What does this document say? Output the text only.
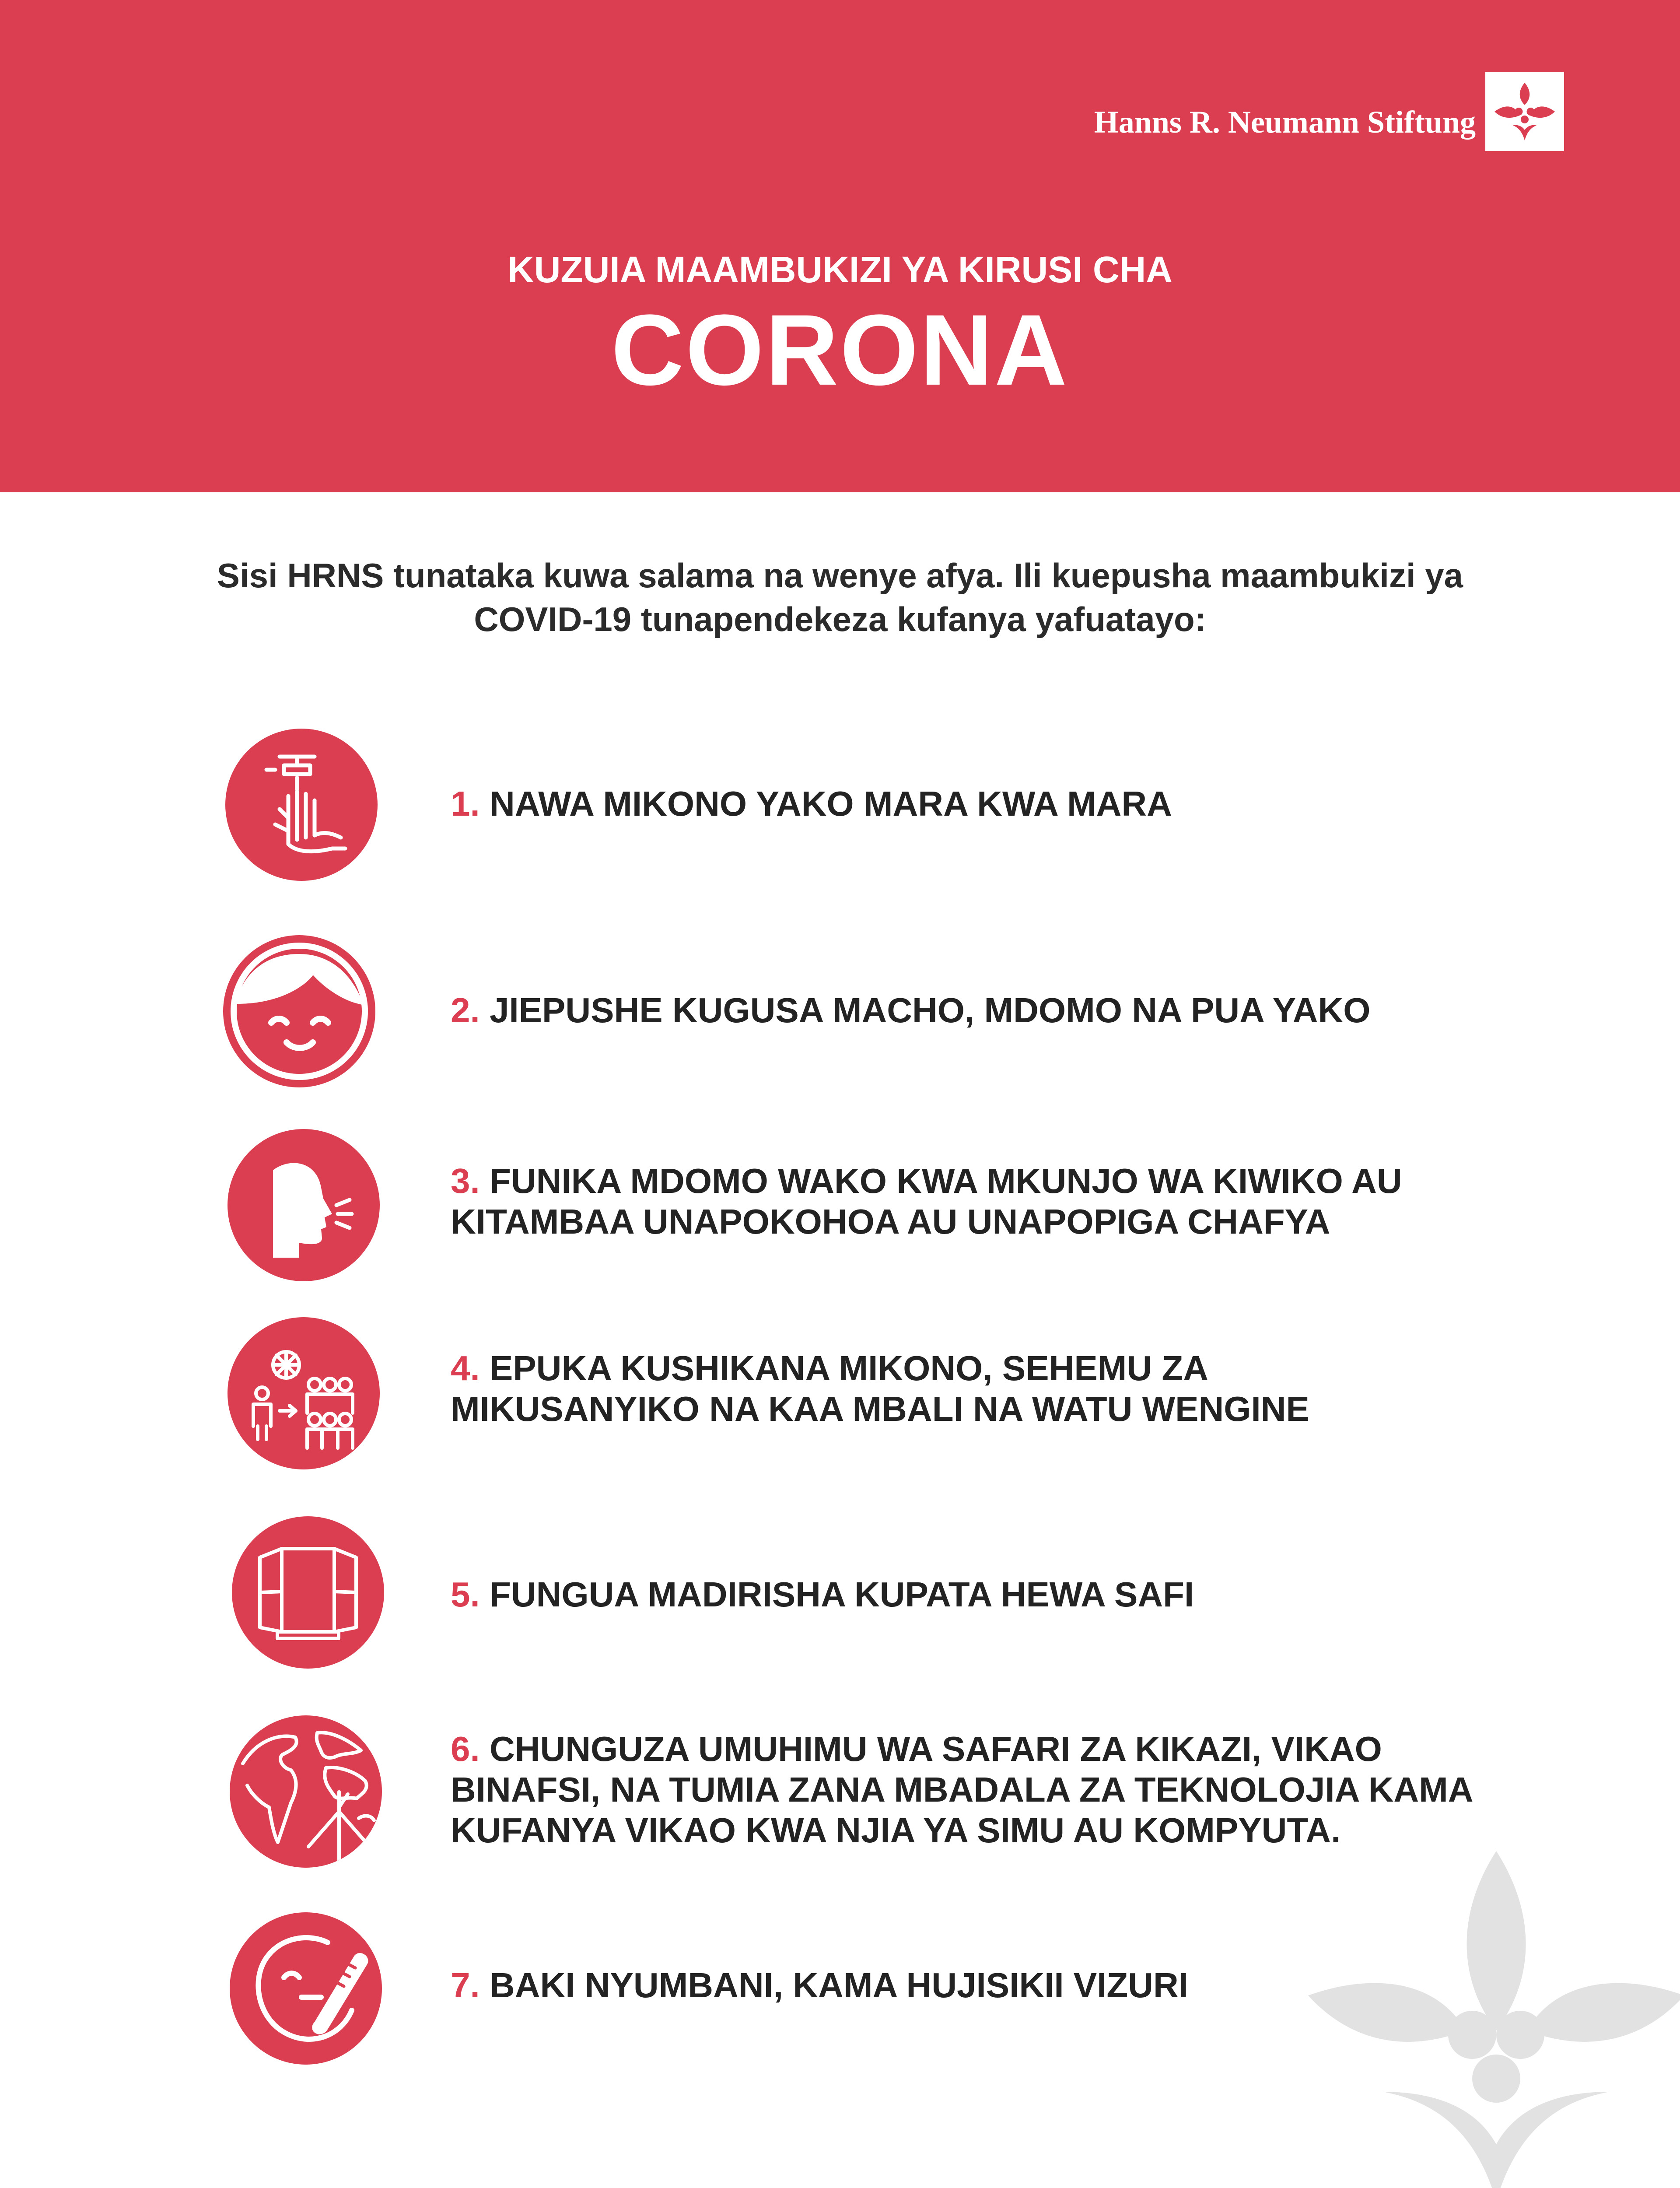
Hanns R. Neumann Stiftung
KUZUIA MAAMBUKIZI YA KIRUSI CHA
CORONA
Sisi HRNS tunataka kuwa salama na wenye afya. Ili kuepusha maambukizi ya
COVID-19 tunapendekeza kufanya yafuatayo:
1. NAWA MIKONO YAKO MARA KWA MARA
2. JIEPUSHE KUGUSA MACHO, MDOMO NA PUA YAKO
3. FUNIKA MDOMO WAKO KWA MKUNJO WA KIWIKO AU
KITAMBAA UNAPOKOHOA AU UNAPOPIGA CHAFYA
4. EPUKA KUSHIKANA MIKONO, SEHEMU ZA
MIKUSANYIKO NA KAA MBALI NA WATU WENGINE
5. FUNGUA MADIRISHA KUPATA HEWA SAFI
6. CHUNGUZA UMUHIMU WA SAFARI ZA KIKAZI, VIKAO
BINAFSI, NA TUMIA ZANA MBADALA ZA TEKNOLOJIA KAMA
KUFANYA VIKAO KWA NJIA YA SIMU AU KOMPYUTA.
7. BAKI NYUMBANI, KAMA HUJISIKII VIZURI
